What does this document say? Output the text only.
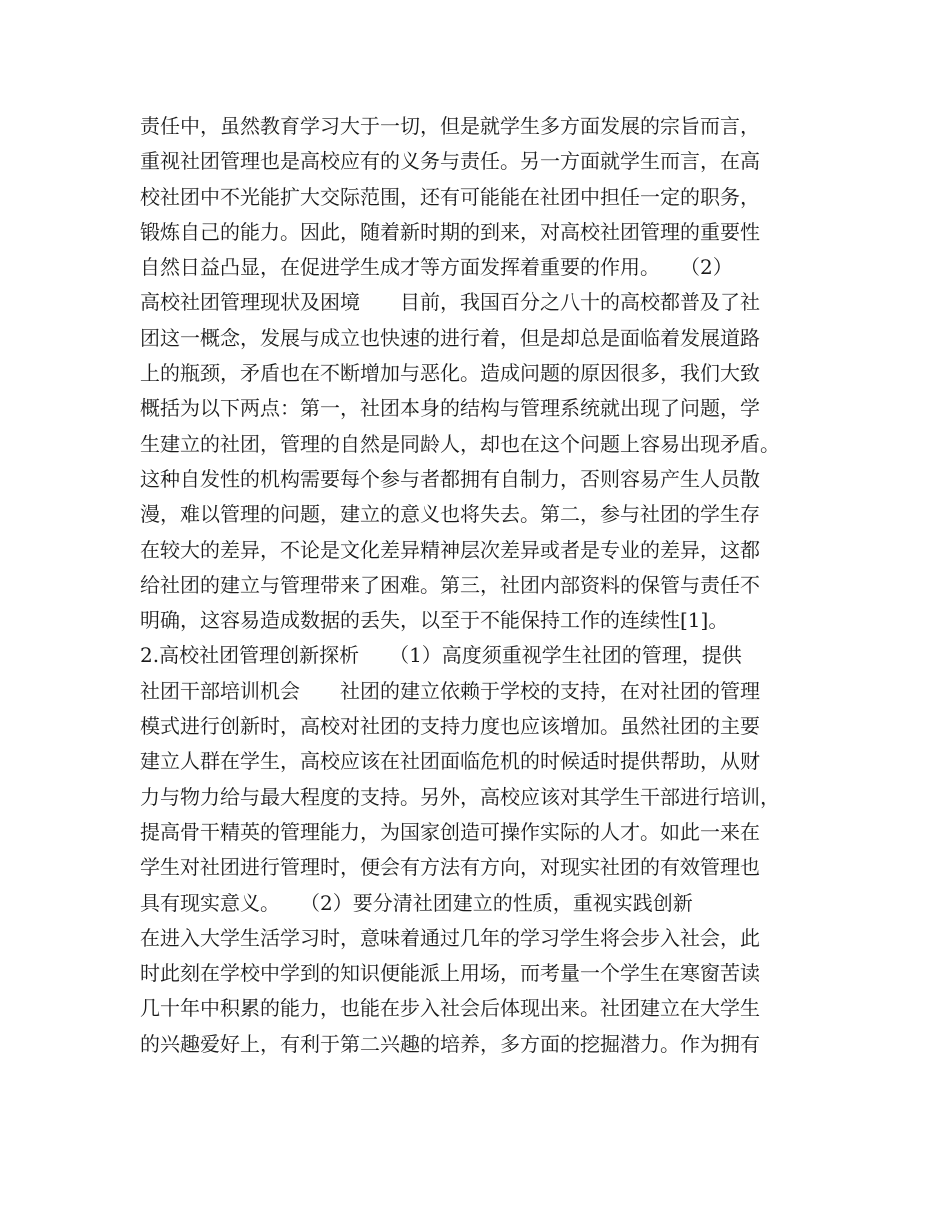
责任中，虽然教育学习大于一切，但是就学生多方面发展的宗旨而言，
重视社团管理也是高校应有的义务与责任。另一方面就学生而言，在高
校社团中不光能扩大交际范围，还有可能能在社团中担任一定的职务，
锻炼自己的能力。因此，随着新时期的到来，对高校社团管理的重要性
自然日益凸显，在促进学生成才等方面发挥着重要的作用。　　（2）
高校社团管理现状及困境　　目前，我国百分之八十的高校都普及了社
团这一概念，发展与成立也快速的进行着，但是却总是面临着发展道路
上的瓶颈，矛盾也在不断增加与恶化。造成问题的原因很多，我们大致
概括为以下两点：第一，社团本身的结构与管理系统就出现了问题，学
生建立的社团，管理的自然是同龄人，却也在这个问题上容易出现矛盾。
这种自发性的机构需要每个参与者都拥有自制力，否则容易产生人员散
漫，难以管理的问题，建立的意义也将失去。第二，参与社团的学生存
在较大的差异，不论是文化差异精神层次差异或者是专业的差异，这都
给社团的建立与管理带来了困难。第三，社团内部资料的保管与责任不
明确，这容易造成数据的丢失，以至于不能保持工作的连续性[1]。
2.高校社团管理创新探析　　（1）高度须重视学生社团的管理，提供
社团干部培训机会　　社团的建立依赖于学校的支持，在对社团的管理
模式进行创新时，高校对社团的支持力度也应该增加。虽然社团的主要
建立人群在学生，高校应该在社团面临危机的时候适时提供帮助，从财
力与物力给与最大程度的支持。另外，高校应该对其学生干部进行培训，
提高骨干精英的管理能力，为国家创造可操作实际的人才。如此一来在
学生对社团进行管理时，便会有方法有方向，对现实社团的有效管理也
具有现实意义。　　（2）要分清社团建立的性质，重视实践创新
在进入大学生活学习时，意味着通过几年的学习学生将会步入社会，此
时此刻在学校中学到的知识便能派上用场，而考量一个学生在寒窗苦读
几十年中积累的能力，也能在步入社会后体现出来。社团建立在大学生
的兴趣爱好上，有利于第二兴趣的培养，多方面的挖掘潜力。作为拥有
